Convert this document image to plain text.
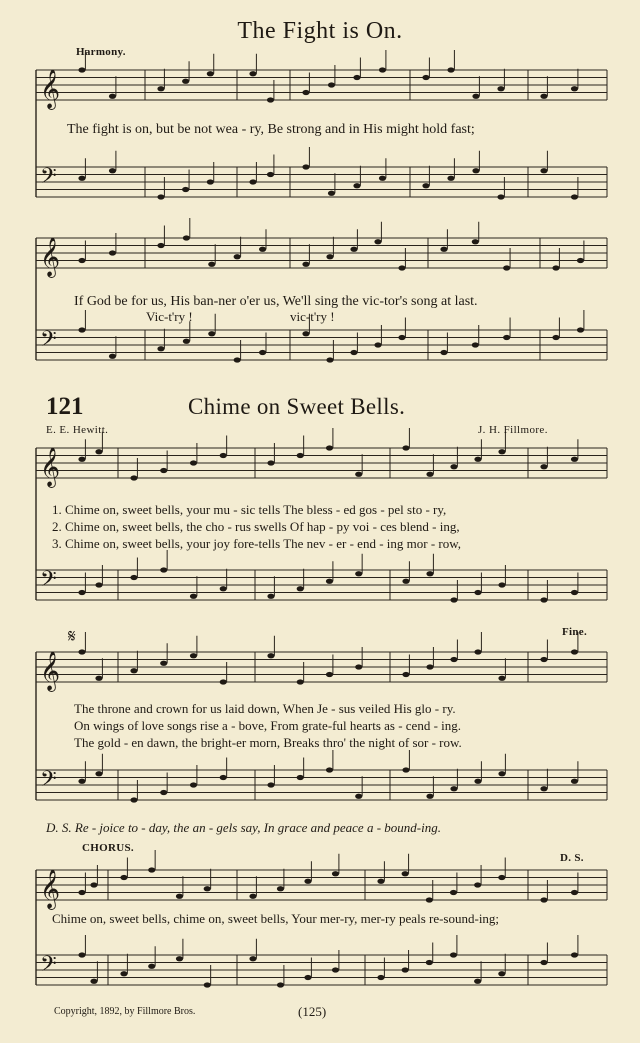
𝄞
𝄢
𝄞
𝄢
𝄞
𝄢
𝄞
𝄢
𝄞
𝄢
The Fight is On.
Harmony.
The fight is on, but be not wea - ry, Be strong and in His might hold fast;
If God be for us, His ban-ner o'er us, We'll sing the vic-tor's song at last.
Vic-t'ry !	vic-t'ry !
121	Chime on Sweet Bells.
E. E. Hewitt.	J. H. Fillmore.
1. Chime on, sweet bells, your mu - sic tells The bless - ed gos - pel sto - ry,
2. Chime on, sweet bells, the cho - rus swells Of hap - py voi - ces blend - ing,
3. Chime on, sweet bells, your joy fore-tells The nev - er - end - ing mor - row,
𝄋	Fine.
The throne and crown for us laid down, When Je - sus veiled His glo - ry.
On wings of love songs rise a - bove, From grate-ful hearts as - cend - ing.
The gold - en dawn, the bright-er morn, Breaks thro' the night of sor - row.
D. S. Re - joice to - day, the an - gels say, In grace and peace a - bound-ing.
CHORUS.
D. S.
Chime on, sweet bells, chime on, sweet bells, Your mer-ry, mer-ry peals re-sound-ing;
Copyright, 1892, by Fillmore Bros.	(125)
